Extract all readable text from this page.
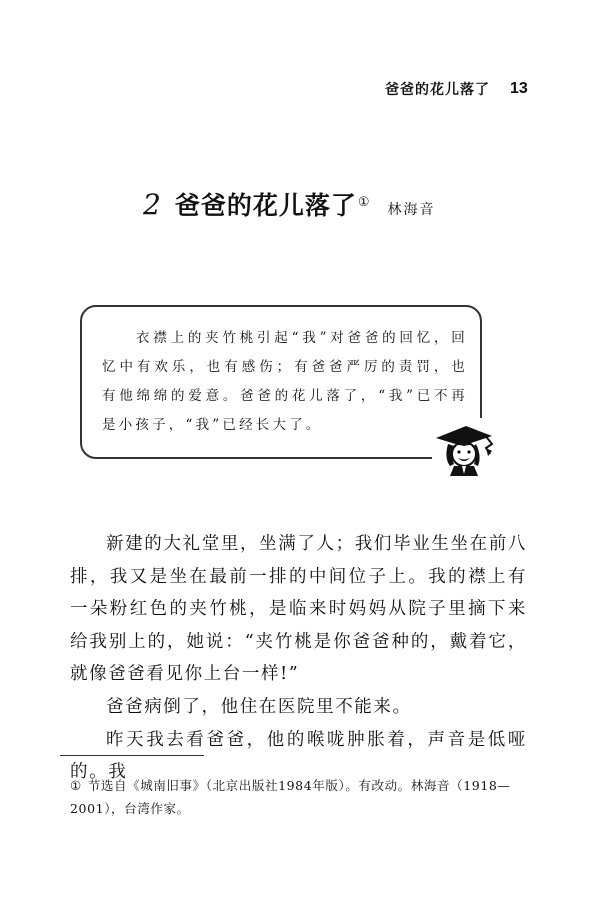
爸爸的花儿落了 13
2 爸爸的花儿落了 ① 林海音
衣襟上的夹竹桃引起“我”对爸爸的回忆，回忆中有欢乐，也有感伤；有爸爸严厉的责罚，也有他绵绵的爱意。爸爸的花儿落了，“我”已不再是小孩子，“我”已经长大了。

新建的大礼堂里，坐满了人；我们毕业生坐在前八排，我又是坐在最前一排的中间位子上。我的襟上有一朵粉红色的夹竹桃，是临来时妈妈从院子里摘下来给我别上的，她说：“夹竹桃是你爸爸种的，戴着它，就像爸爸看见你上台一样!”

爸爸病倒了，他住在医院里不能来。

昨天我去看爸爸，他的喉咙肿胀着，声音是低哑的。我

① 节选自《城南旧事》（北京出版社1984年版）。有改动。林海音（1918—2001），台湾作家。
